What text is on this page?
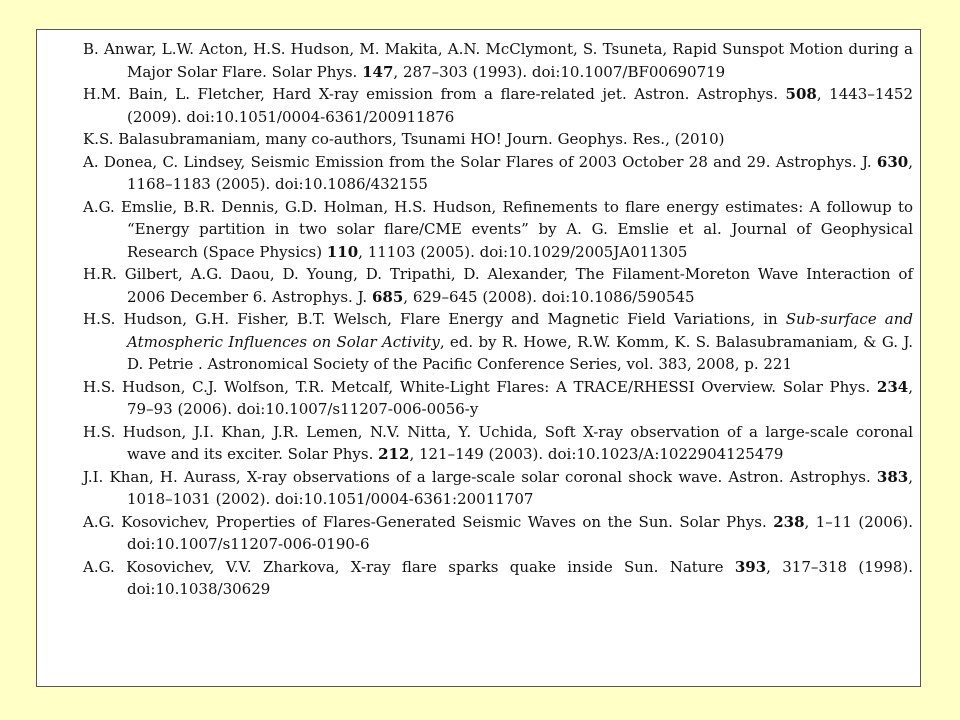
B. Anwar, L.W. Acton, H.S. Hudson, M. Makita, A.N. McClymont, S. Tsuneta, Rapid Sunspot Motion during a Major Solar Flare. Solar Phys. 147, 287–303 (1993). doi:10.1007/BF00690719
H.M. Bain, L. Fletcher, Hard X-ray emission from a flare-related jet. Astron. Astrophys. 508, 1443–1452 (2009). doi:10.1051/0004-6361/200911876
K.S. Balasubramaniam, many co-authors, Tsunami HO! Journ. Geophys. Res., (2010)
A. Donea, C. Lindsey, Seismic Emission from the Solar Flares of 2003 October 28 and 29. Astrophys. J. 630, 1168–1183 (2005). doi:10.1086/432155
A.G. Emslie, B.R. Dennis, G.D. Holman, H.S. Hudson, Refinements to flare energy estimates: A followup to “Energy partition in two solar flare/CME events” by A. G. Emslie et al. Journal of Geophysical Research (Space Physics) 110, 11103 (2005). doi:10.1029/2005JA011305
H.R. Gilbert, A.G. Daou, D. Young, D. Tripathi, D. Alexander, The Filament-Moreton Wave Interaction of 2006 December 6. Astrophys. J. 685, 629–645 (2008). doi:10.1086/590545
H.S. Hudson, G.H. Fisher, B.T. Welsch, Flare Energy and Magnetic Field Variations, in Sub-surface and Atmospheric Influences on Solar Activity, ed. by R. Howe, R.W. Komm, K. S. Balasubramaniam, & G. J. D. Petrie . Astronomical Society of the Pacific Conference Series, vol. 383, 2008, p. 221
H.S. Hudson, C.J. Wolfson, T.R. Metcalf, White-Light Flares: A TRACE/RHESSI Overview. Solar Phys. 234, 79–93 (2006). doi:10.1007/s11207-006-0056-y
H.S. Hudson, J.I. Khan, J.R. Lemen, N.V. Nitta, Y. Uchida, Soft X-ray observation of a large-scale coronal wave and its exciter. Solar Phys. 212, 121–149 (2003). doi:10.1023/A:1022904125479
J.I. Khan, H. Aurass, X-ray observations of a large-scale solar coronal shock wave. Astron. Astrophys. 383, 1018–1031 (2002). doi:10.1051/0004-6361:20011707
A.G. Kosovichev, Properties of Flares-Generated Seismic Waves on the Sun. Solar Phys. 238, 1–11 (2006). doi:10.1007/s11207-006-0190-6
A.G. Kosovichev, V.V. Zharkova, X-ray flare sparks quake inside Sun. Nature 393, 317–318 (1998). doi:10.1038/30629
